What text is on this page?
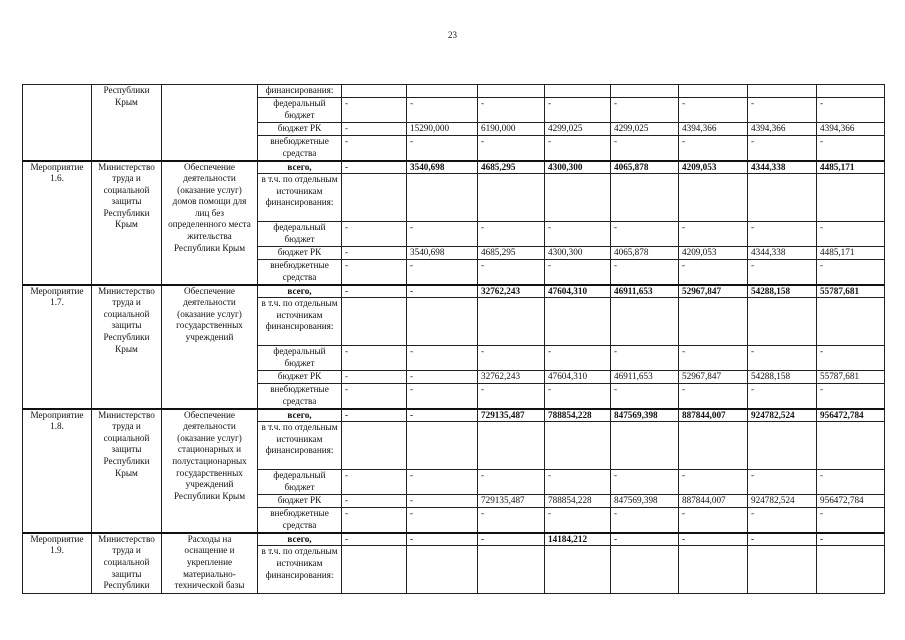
23
	Республики Крым		финансирования:								
			федеральный бюджет	-	-	-	-	-	-	-	-
			бюджет РК	-	15290,000	6190,000	4299,025	4299,025	4394,366	4394,366	4394,366
			внебюджетные средства	-	-	-	-	-	-	-	-
Мероприятие 1.6.	Министерство труда и социальной защиты Республики Крым	Обеспечение деятельности (оказание услуг) домов помощи для лиц без определенного места жительства Республики Крым	всего,	-	3540,698	4685,295	4300,300	4065,878	4209,053	4344,338	4485,171
			в т.ч. по отдельным источникам финансирования:								
			федеральный бюджет	-	-	-	-	-	-	-	-
			бюджет РК	-	3540,698	4685,295	4300,300	4065,878	4209,053	4344,338	4485,171
			внебюджетные средства	-	-	-	-	-	-	-	-
Мероприятие 1.7.	Министерство труда и социальной защиты Республики Крым	Обеспечение деятельности (оказание услуг) государственных учреждений	всего,	-	-	32762,243	47604,310	46911,653	52967,847	54288,158	55787,681
			в т.ч. по отдельным источникам финансирования:								
			федеральный бюджет	-	-	-	-	-	-	-	-
			бюджет РК	-	-	32762,243	47604,310	46911,653	52967,847	54288,158	55787,681
			внебюджетные средства	-	-	-	-	-	-	-	-
Мероприятие 1.8.	Министерство труда и социальной защиты Республики Крым	Обеспечение деятельности (оказание услуг) стационарных и полустационарных государственных учреждений Республики Крым	всего,	-	-	729135,487	788854,228	847569,398	887844,007	924782,524	956472,784
			в т.ч. по отдельным источникам финансирования:								
			федеральный бюджет	-	-	-	-	-	-	-	-
			бюджет РК	-	-	729135,487	788854,228	847569,398	887844,007	924782,524	956472,784
			внебюджетные средства	-	-	-	-	-	-	-	-
Мероприятие 1.9.	Министерство труда и социальной защиты Республики	Расходы на оснащение и укрепление материально-технической базы	всего,	-	-	-	14184,212	-	-	-	-
			в т.ч. по отдельным источникам финансирования:								
